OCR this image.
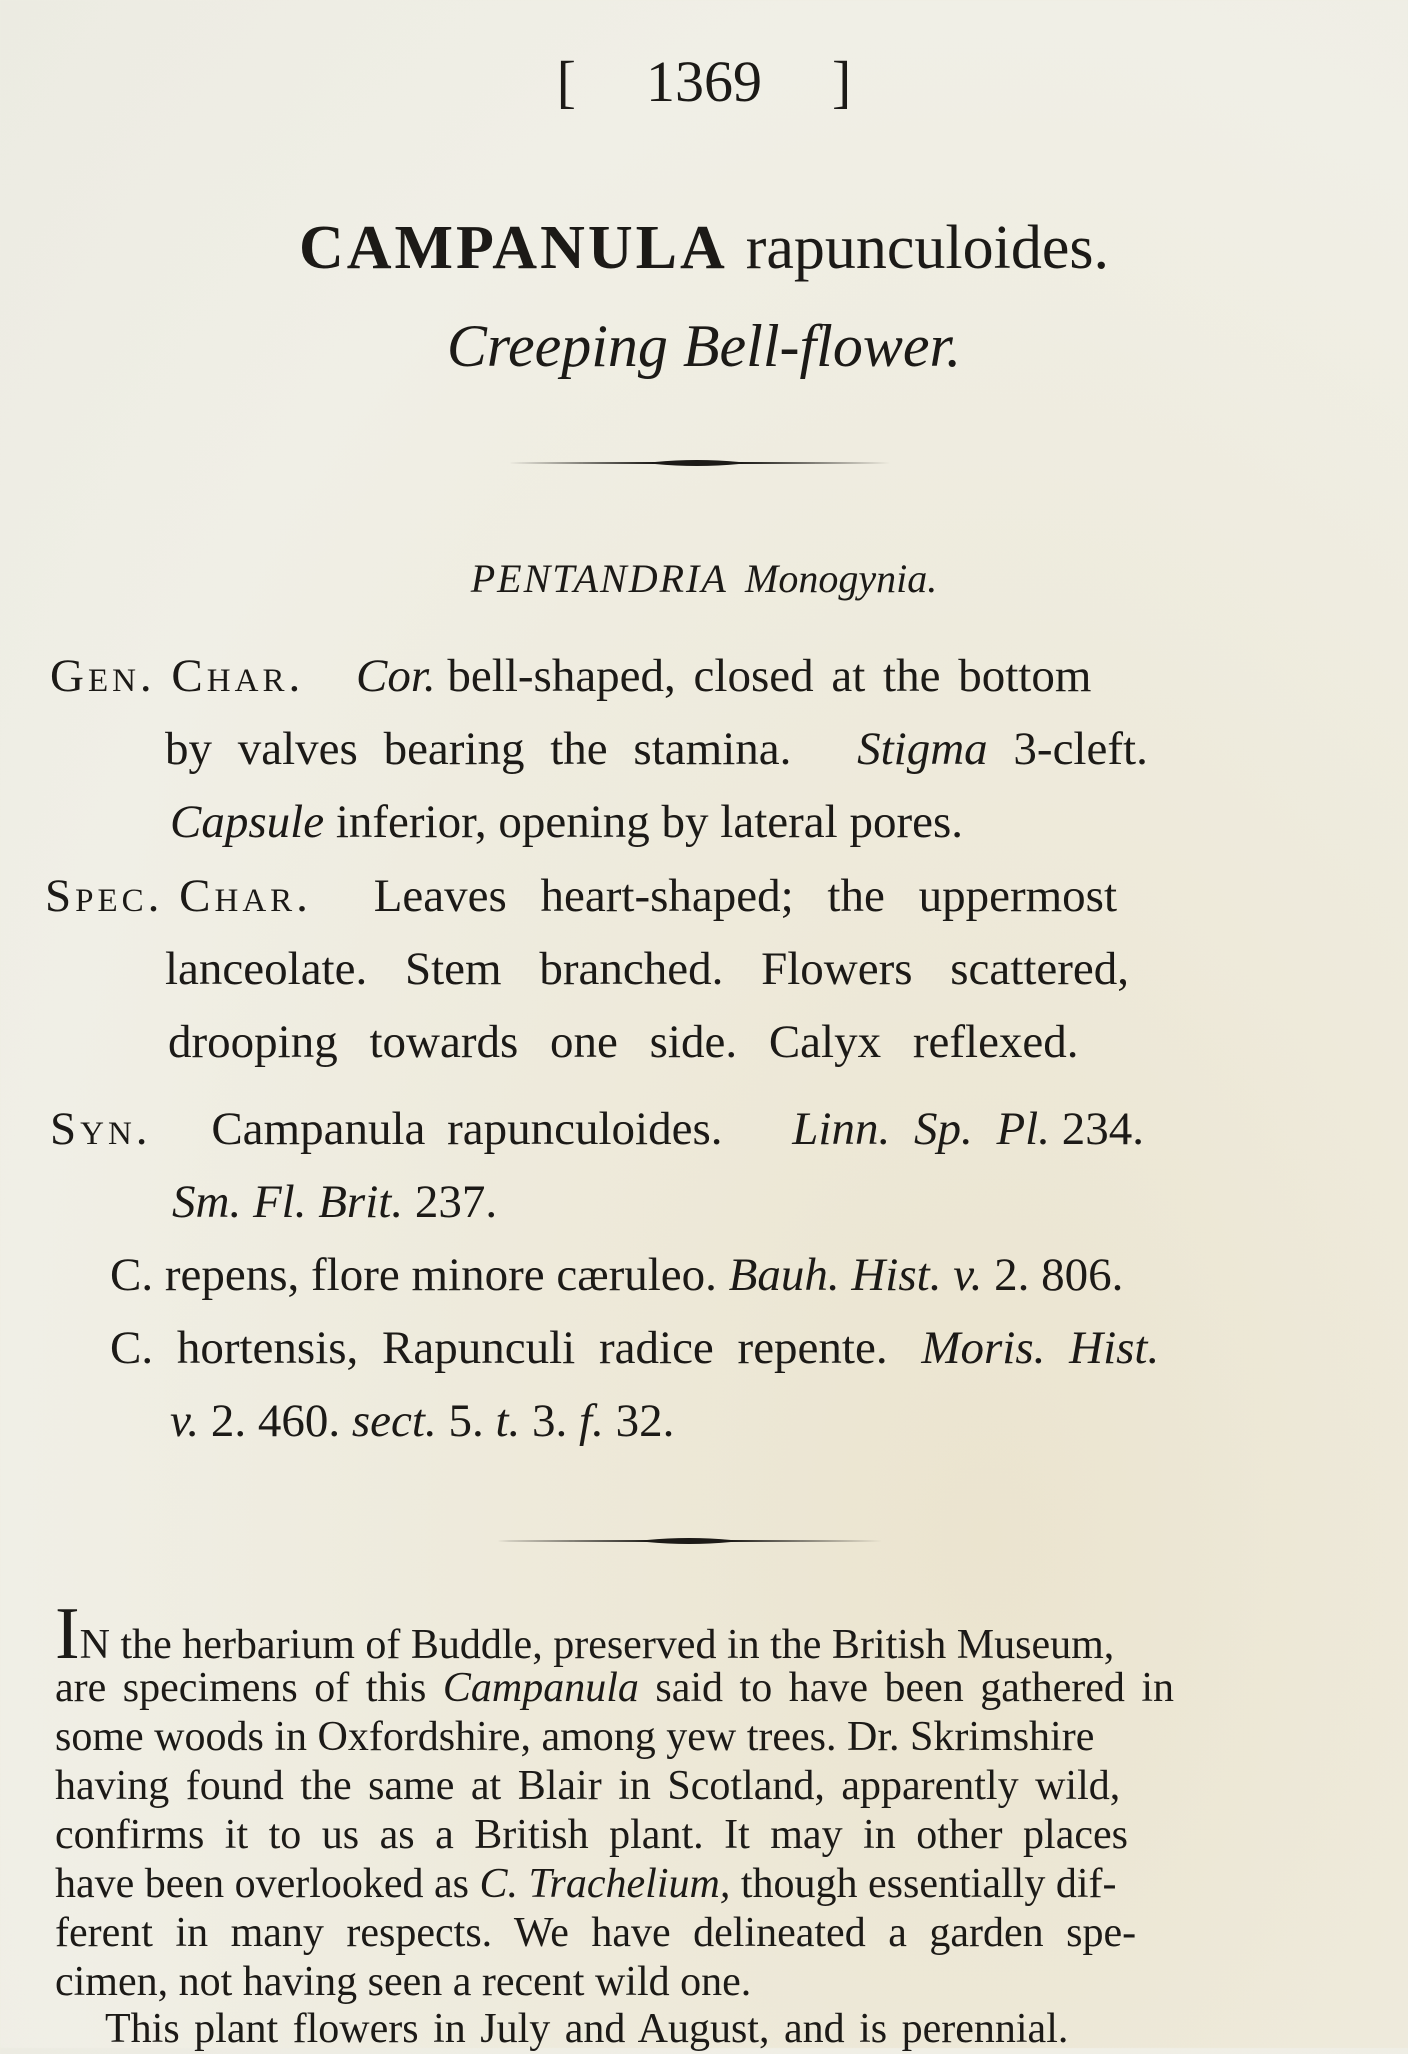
[ 1369 ]
CAMPANULA rapunculoides.
Creeping Bell-flower.
PENTANDRIA Monogynia.
Gen. Char. Cor. bell-shaped, closed at the bottom
by valves bearing the stamina. Stigma 3-cleft.
Capsule inferior, opening by lateral pores.
Spec. Char. Leaves heart-shaped; the uppermost
lanceolate. Stem branched. Flowers scattered,
drooping towards one side. Calyx reflexed.
Syn. Campanula rapunculoides. Linn. Sp. Pl. 234.
Sm. Fl. Brit. 237.
C. repens, flore minore cæruleo. Bauh. Hist. v. 2. 806.
C. hortensis, Rapunculi radice repente. Moris. Hist.
v. 2. 460. sect. 5. t. 3. f. 32.
IN the herbarium of Buddle, preserved in the British Museum,
are specimens of this Campanula said to have been gathered in
some woods in Oxfordshire, among yew trees. Dr. Skrimshire
having found the same at Blair in Scotland, apparently wild,
confirms it to us as a British plant. It may in other places
have been overlooked as C. Trachelium, though essentially dif-
ferent in many respects. We have delineated a garden spe-
cimen, not having seen a recent wild one.
This plant flowers in July and August, and is perennial.
